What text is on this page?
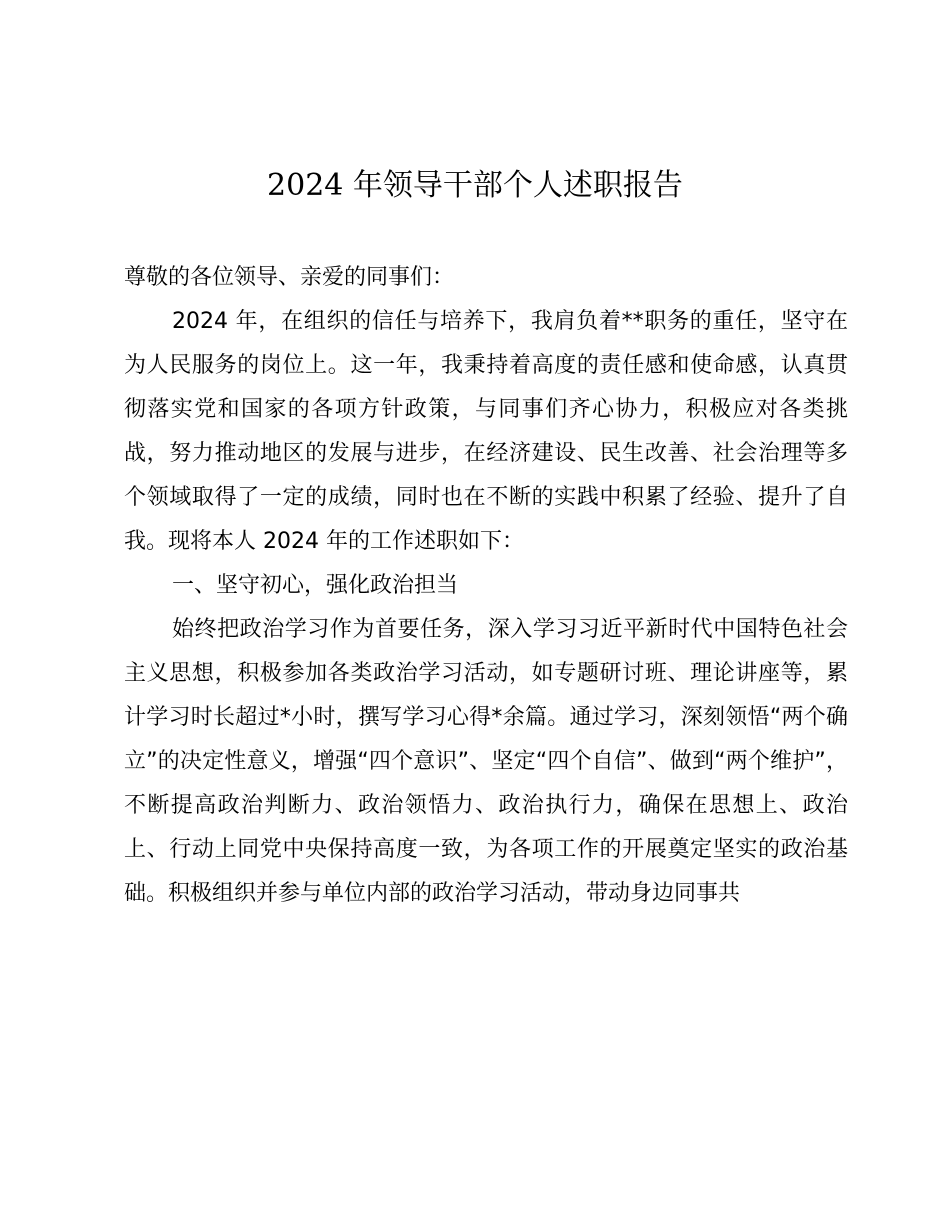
2024 年领导干部个人述职报告

尊敬的各位领导、亲爱的同事们：

2024 年，在组织的信任与培养下，我肩负着**职务的重任，坚守在为人民服务的岗位上。这一年，我秉持着高度的责任感和使命感，认真贯彻落实党和国家的各项方针政策，与同事们齐心协力，积极应对各类挑战，努力推动地区的发展与进步，在经济建设、民生改善、社会治理等多个领域取得了一定的成绩，同时也在不断的实践中积累了经验、提升了自我。现将本人 2024 年的工作述职如下：

一、坚守初心，强化政治担当

始终把政治学习作为首要任务，深入学习习近平新时代中国特色社会主义思想，积极参加各类政治学习活动，如专题研讨班、理论讲座等，累计学习时长超过*小时，撰写学习心得*余篇。通过学习，深刻领悟“两个确立”的决定性意义，增强“四个意识”、坚定“四个自信”、做到“两个维护”，不断提高政治判断力、政治领悟力、政治执行力，确保在思想上、政治上、行动上同党中央保持高度一致，为各项工作的开展奠定坚实的政治基础。积极组织并参与单位内部的政治学习活动，带动身边同事共
